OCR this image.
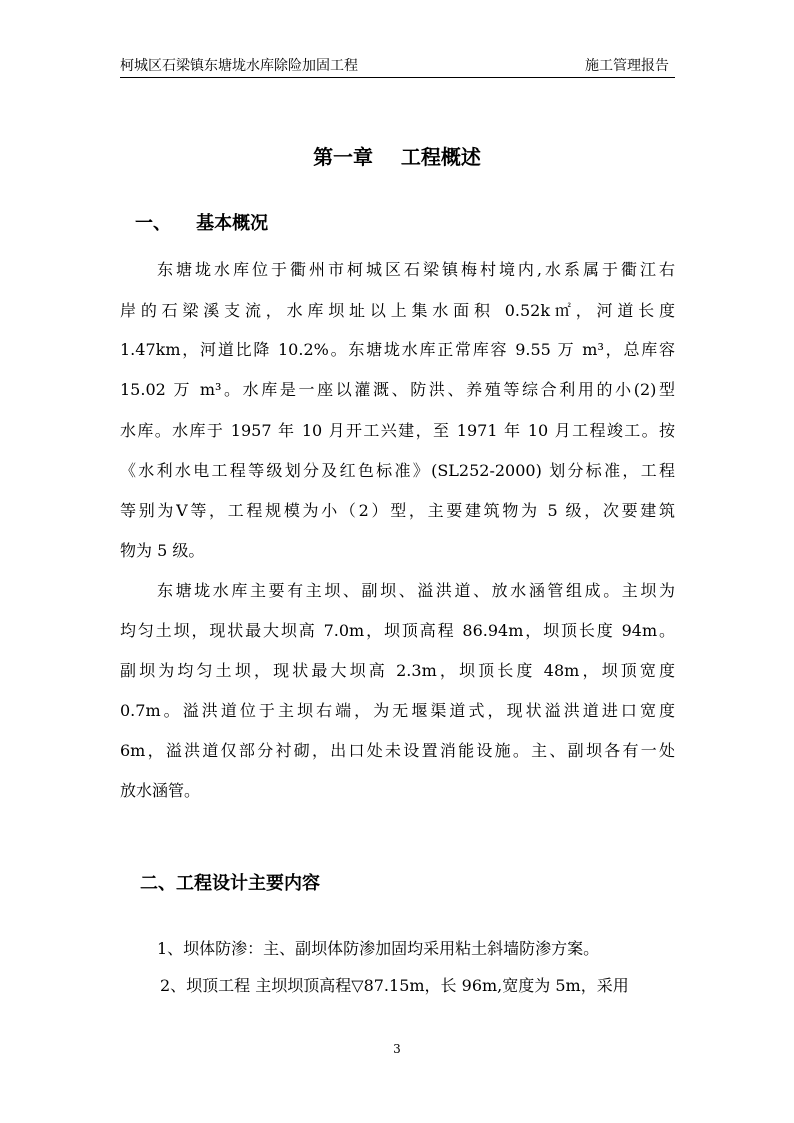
柯城区石梁镇东塘垅水库除险加固工程	施工管理报告
第一章    工程概述
一、    基本概况
东塘垅水库位于衢州市柯城区石梁镇梅村境内,水系属于衢江右
岸的石梁溪支流，水库坝址以上集水面积 0.52k㎡，河道长度
1.47km，河道比降 10.2%。东塘垅水库正常库容 9.55 万 m³，总库容
15.02 万 m³。水库是一座以灌溉、防洪、养殖等综合利用的小(2)型
水库。水库于 1957 年 10 月开工兴建，至 1971 年 10 月工程竣工。按
《水利水电工程等级划分及红色标准》(SL252-2000) 划分标准，工程
等别为Ⅴ等，工程规模为小（2）型，主要建筑物为 5 级，次要建筑
物为 5 级。
东塘垅水库主要有主坝、副坝、溢洪道、放水涵管组成。主坝为
均匀土坝，现状最大坝高 7.0m，坝顶高程 86.94m，坝顶长度 94m。
副坝为均匀土坝，现状最大坝高 2.3m，坝顶长度 48m，坝顶宽度
0.7m。溢洪道位于主坝右端，为无堰渠道式，现状溢洪道进口宽度
6m，溢洪道仅部分衬砌，出口处未设置消能设施。主、副坝各有一处
放水涵管。
二、工程设计主要内容
1、坝体防渗：主、副坝体防渗加固均采用粘土斜墙防渗方案。
2、坝顶工程 主坝坝顶高程▽87.15m，长 96m,宽度为 5m，采用
3
